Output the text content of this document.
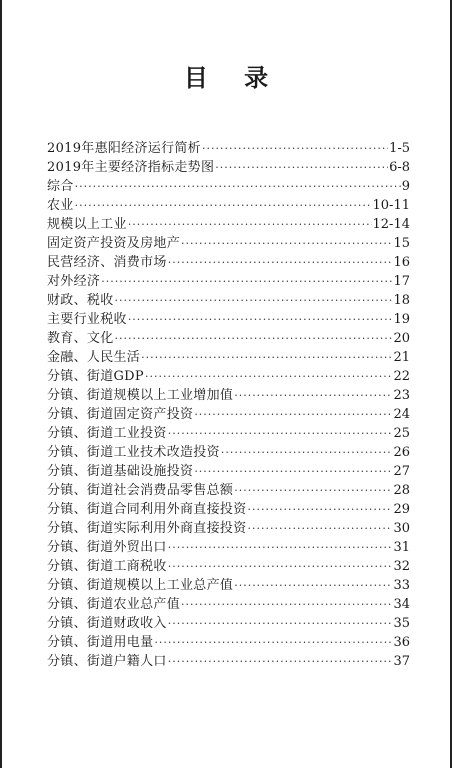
目 录
2019年惠阳经济运行简析 ·····	1-5
2019年主要经济指标走势图 ·····	6-8
综合 ·····	9
农业 ·····	10-11
规模以上工业 ·····	12-14
固定资产投资及房地产 ·····	15
民营经济、消费市场 ·····	16
对外经济 ·····	17
财政、税收 ·····	18
主要行业税收 ·····	19
教育、文化 ·····	20
金融、人民生活 ·····	21
分镇、街道GDP ·····	22
分镇、街道规模以上工业增加值 ·····	23
分镇、街道固定资产投资 ·····	24
分镇、街道工业投资 ·····	25
分镇、街道工业技术改造投资 ·····	26
分镇、街道基础设施投资 ·····	27
分镇、街道社会消费品零售总额 ·····	28
分镇、街道合同利用外商直接投资 ·····	29
分镇、街道实际利用外商直接投资 ·····	30
分镇、街道外贸出口 ·····	31
分镇、街道工商税收 ·····	32
分镇、街道规模以上工业总产值 ·····	33
分镇、街道农业总产值 ·····	34
分镇、街道财政收入 ·····	35
分镇、街道用电量 ·····	36
分镇、街道户籍人口 ·····	37
